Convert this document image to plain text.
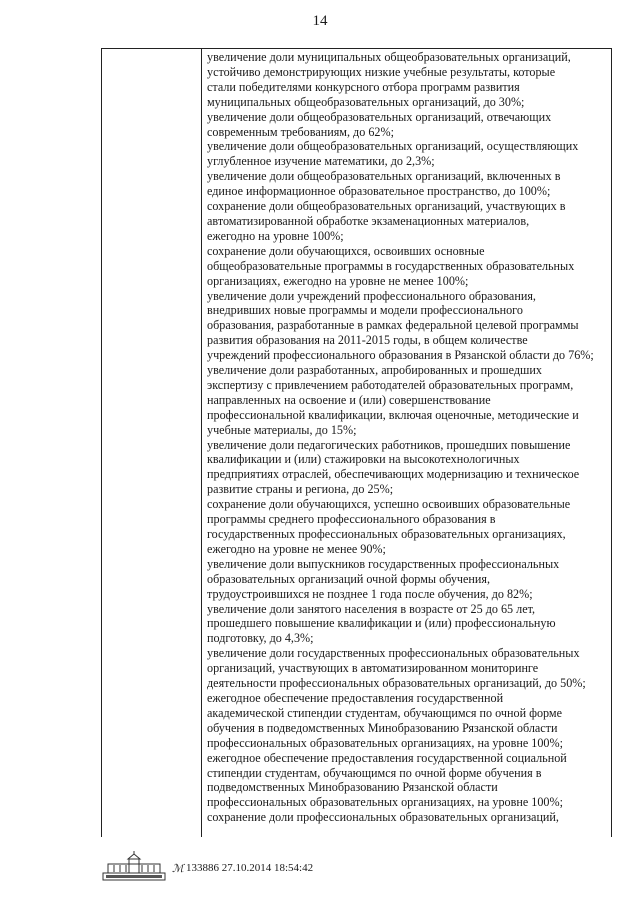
14
увеличение доли муниципальных общеобразовательных организаций,
устойчиво демонстрирующих низкие учебные результаты, которые
стали победителями конкурсного отбора программ развития
муниципальных общеобразовательных организаций, до 30%;
увеличение доли общеобразовательных организаций, отвечающих
современным требованиям, до 62%;
увеличение доли общеобразовательных организаций, осуществляющих
углубленное изучение математики, до 2,3%;
увеличение доли общеобразовательных организаций, включенных в
единое информационное образовательное пространство, до 100%;
сохранение доли общеобразовательных организаций, участвующих в
автоматизированной обработке экзаменационных материалов,
ежегодно на уровне 100%;
сохранение доли обучающихся, освоивших основные
общеобразовательные программы в государственных образовательных
организациях, ежегодно на уровне не менее 100%;
увеличение доли учреждений профессионального образования,
внедривших новые программы и модели профессионального
образования, разработанные в рамках федеральной целевой программы
развития образования на 2011-2015 годы, в общем количестве
учреждений профессионального образования в Рязанской области до 76%;
увеличение доли разработанных, апробированных и прошедших
экспертизу с привлечением работодателей образовательных программ,
направленных на освоение и (или) совершенствование
профессиональной квалификации, включая оценочные, методические и
учебные материалы, до 15%;
увеличение доли педагогических работников, прошедших повышение
квалификации и (или) стажировки на высокотехнологичных
предприятиях отраслей, обеспечивающих модернизацию и техническое
развитие страны и региона, до 25%;
сохранение доли обучающихся, успешно освоивших образовательные
программы среднего профессионального образования в
государственных профессиональных образовательных организациях,
ежегодно на уровне не менее 90%;
увеличение доли выпускников государственных профессиональных
образовательных организаций очной формы обучения,
трудоустроившихся не позднее 1 года после обучения, до 82%;
увеличение доли занятого населения в возрасте от 25 до 65 лет,
прошедшего повышение квалификации и (или) профессиональную
подготовку, до 4,3%;
увеличение доли государственных профессиональных образовательных
организаций, участвующих в автоматизированном мониторинге
деятельности профессиональных образовательных организаций, до 50%;
ежегодное обеспечение предоставления государственной
академической стипендии студентам, обучающимся по очной форме
обучения в подведомственных Минобразованию Рязанской области
профессиональных образовательных организациях, на уровне 100%;
ежегодное обеспечение предоставления государственной социальной
стипендии студентам, обучающимся по очной форме обучения в
подведомственных Минобразованию Рязанской области
профессиональных образовательных организациях, на уровне 100%;
сохранение доли профессиональных образовательных организаций,
ℳ 133886 27.10.2014 18:54:42
